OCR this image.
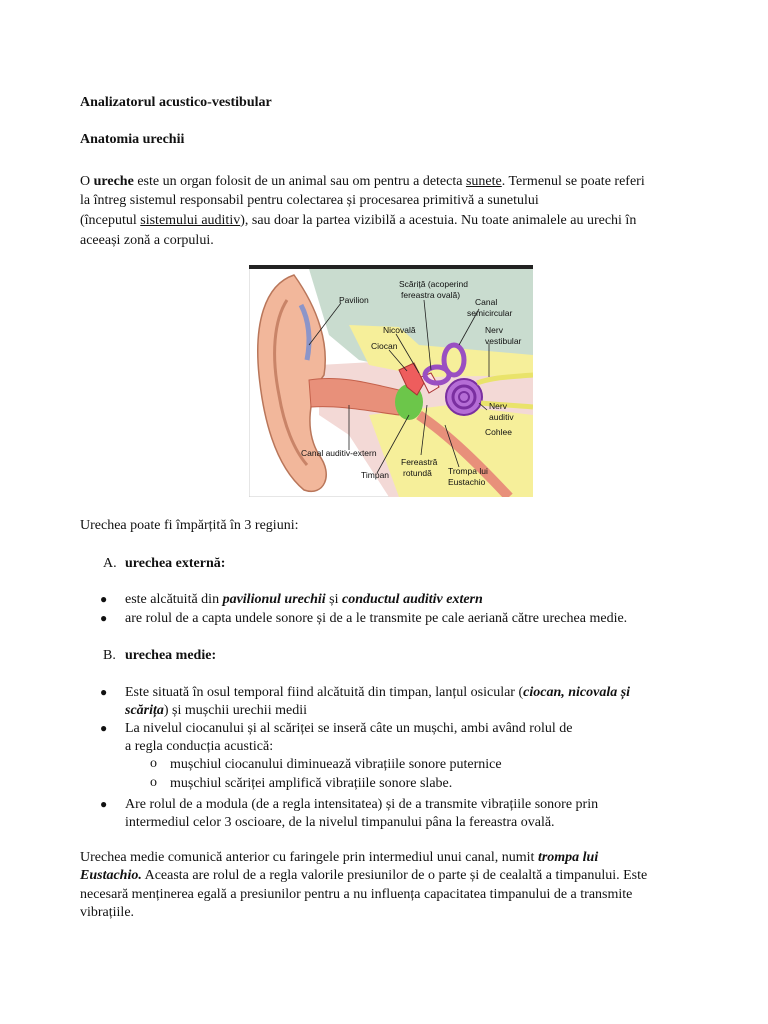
Analizatorul acustico-vestibular
Anatomia urechii
O ureche este un organ folosit de un animal sau om pentru a detecta sunete. Termenul se poate referi
la întreg sistemul responsabil pentru colectarea și procesarea primitivă a sunetului
(începutul sistemului auditiv), sau doar la partea vizibilă a acestuia. Nu toate animalele au urechi în
aceeași zonă a corpului.
Pavilion
Scăriță (acoperind
fereastra ovală)
Canal
semicircular
Nicovală
Ciocan
Nerv
vestibular
Nerv
auditiv
Cohlee
Canal auditiv-extern
Fereastră
rotundă
Timpan	Trompa lui
Eustachio
Urechea poate fi împărțită în 3 regiuni:
A. urechea externă:
● este alcătuită din pavilionul urechii și conductul auditiv extern
● are rolul de a capta undele sonore și de a le transmite pe cale aeriană către urechea medie.
B. urechea medie:
● Este situată în osul temporal fiind alcătuită din timpan, lanțul osicular (ciocan, nicovala și
scărița) și mușchii urechii medii
● La nivelul ciocanului și al scăriței se inseră câte un mușchi, ambi având rolul de
a regla conducția acustică:
o mușchiul ciocanului diminuează vibrațiile sonore puternice
o mușchiul scăriței amplifică vibrațiile sonore slabe.
● Are rolul de a modula (de a regla intensitatea) și de a transmite vibrațiile sonore prin
intermediul celor 3 oscioare, de la nivelul timpanului pâna la fereastra ovală.
Urechea medie comunică anterior cu faringele prin intermediul unui canal, numit trompa lui
Eustachio. Aceasta are rolul de a regla valorile presiunilor de o parte și de cealaltă a timpanului. Este
necesară menținerea egală a presiunilor pentru a nu influența capacitatea timpanului de a transmite
vibrațiile.
